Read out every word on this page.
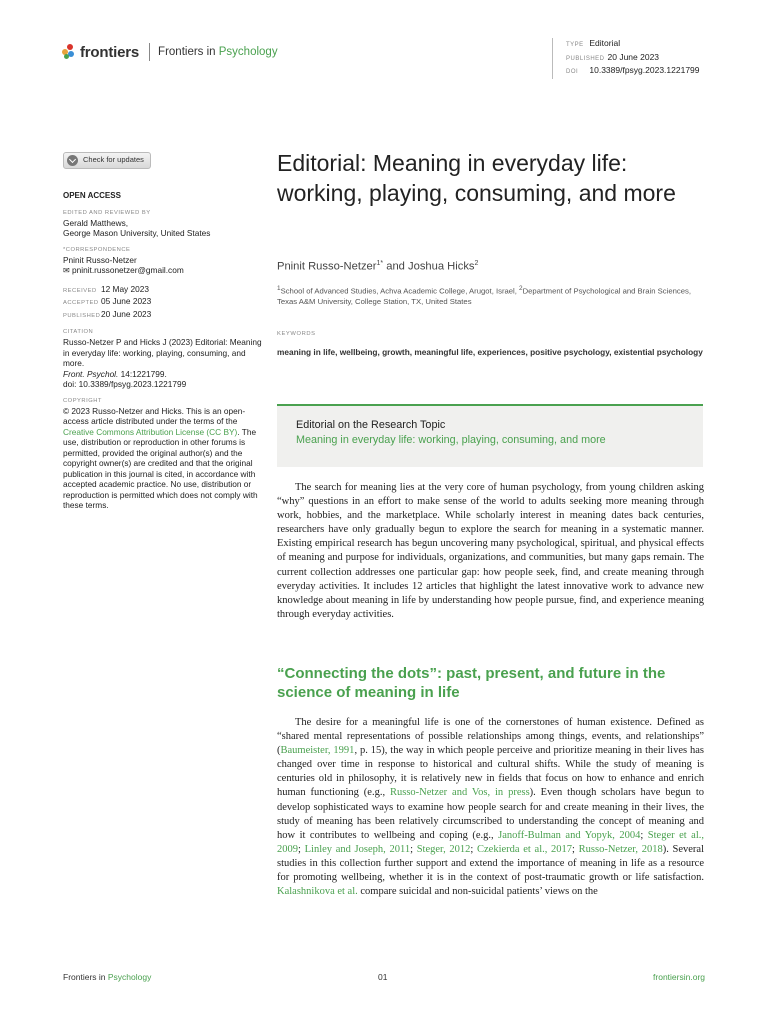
frontiers Frontiers in Psychology
TYPE Editorial
PUBLISHED 20 June 2023
DOI 10.3389/fpsyg.2023.1221799
Check for updates
OPEN ACCESS
EDITED AND REVIEWED BY
Gerald Matthews,
George Mason University, United States
*CORRESPONDENCE
Pninit Russo-Netzer
✉ pninit.russonetzer@gmail.com
RECEIVED 12 May 2023
ACCEPTED 05 June 2023
PUBLISHED20 June 2023
CITATION
Russo-Netzer P and Hicks J (2023) Editorial: Meaning in everyday life: working, playing, consuming, and more.
Front. Psychol. 14:1221799.
doi: 10.3389/fpsyg.2023.1221799
COPYRIGHT
© 2023 Russo-Netzer and Hicks. This is an open-access article distributed under the terms of the Creative Commons Attribution License (CC BY). The use, distribution or reproduction in other forums is permitted, provided the original author(s) and the copyright owner(s) are credited and that the original publication in this journal is cited, in accordance with accepted academic practice. No use, distribution or reproduction is permitted which does not comply with these terms.
Editorial: Meaning in everyday life: working, playing, consuming, and more
Pninit Russo-Netzer$^{1*}$ and Joshua Hicks$^2$
$^1$School of Advanced Studies, Achva Academic College, Arugot, Israel, $^2$Department of Psychological and Brain Sciences, Texas A&M University, College Station, TX, United States
KEYWORDS
meaning in life, wellbeing, growth, meaningful life, experiences, positive psychology, existential psychology
Editorial on the Research Topic
Meaning in everyday life: working, playing, consuming, and more

The search for meaning lies at the very core of human psychology, from young children asking “why” questions in an effort to make sense of the world to adults seeking more meaning through work, hobbies, and the marketplace. While scholarly interest in meaning dates back centuries, researchers have only gradually begun to explore the search for meaning in a systematic manner. Existing empirical research has begun uncovering many psychological, spiritual, and physical effects of meaning and purpose for individuals, organizations, and communities, but many gaps remain. The current collection addresses one particular gap: how people seek, find, and create meaning through everyday activities. It includes 12 articles that highlight the latest innovative work to advance new knowledge about meaning in life by understanding how people pursue, find, and experience meaning through everyday activities.

“Connecting the dots”: past, present, and future in the science of meaning in life

The desire for a meaningful life is one of the cornerstones of human existence. Defined as “shared mental representations of possible relationships among things, events, and relationships” (Baumeister, 1991, p. 15), the way in which people perceive and prioritize meaning in their lives has changed over time in response to historical and cultural shifts. While the study of meaning is centuries old in philosophy, it is relatively new in fields that focus on how to enhance and enrich human functioning (e.g., Russo-Netzer and Vos, in press). Even though scholars have begun to develop sophisticated ways to examine how people search for and create meaning in their lives, the study of meaning has been relatively circumscribed to understanding the concept of meaning and how it contributes to wellbeing and coping (e.g., Janoff-Bulman and Yopyk, 2004; Steger et al., 2009; Linley and Joseph, 2011; Steger, 2012; Czekierda et al., 2017; Russo-Netzer, 2018). Several studies in this collection further support and extend the importance of meaning in life as a resource for promoting wellbeing, whether it is in the context of post-traumatic growth or life satisfaction. Kalashnikova et al. compare suicidal and non-suicidal patients’ views on the

Frontiers in Psychology	01	frontiersin.org
